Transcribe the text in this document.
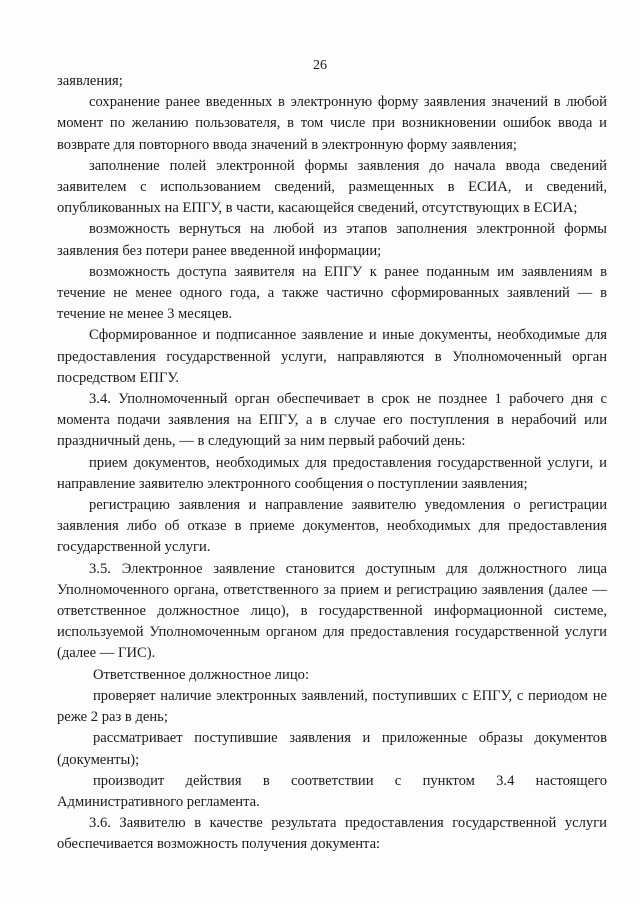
26

заявления;

сохранение ранее введенных в электронную форму заявления значений в любой момент по желанию пользователя, в том числе при возникновении ошибок ввода и возврате для повторного ввода значений в электронную форму заявления;

заполнение полей электронной формы заявления до начала ввода сведений заявителем с использованием сведений, размещенных в ЕСИА, и сведений, опубликованных на ЕПГУ, в части, касающейся сведений, отсутствующих в ЕСИА;

возможность вернуться на любой из этапов заполнения электронной формы заявления без потери ранее введенной информации;

возможность доступа заявителя на ЕПГУ к ранее поданным им заявлениям в течение не менее одного года, а также частично сформированных заявлений — в течение не менее 3 месяцев.

Сформированное и подписанное заявление и иные документы, необходимые для предоставления государственной услуги, направляются в Уполномоченный орган посредством ЕПГУ.

3.4. Уполномоченный орган обеспечивает в срок не позднее 1 рабочего дня с момента подачи заявления на ЕПГУ, а в случае его поступления в нерабочий или праздничный день, — в следующий за ним первый рабочий день:

прием документов, необходимых для предоставления государственной услуги, и направление заявителю электронного сообщения о поступлении заявления;

регистрацию заявления и направление заявителю уведомления о регистрации заявления либо об отказе в приеме документов, необходимых для предоставления государственной услуги.

3.5. Электронное заявление становится доступным для должностного лица Уполномоченного органа, ответственного за прием и регистрацию заявления (далее — ответственное должностное лицо), в государственной информационной системе, используемой Уполномоченным органом для предоставления государственной услуги (далее — ГИС).

Ответственное должностное лицо:

проверяет наличие электронных заявлений, поступивших с ЕПГУ, с периодом не реже 2 раз в день;

рассматривает поступившие заявления и приложенные образы документов (документы);

производит действия в соответствии с пунктом 3.4 настоящего Административного регламента.

3.6. Заявителю в качестве результата предоставления государственной услуги обеспечивается возможность получения документа:
